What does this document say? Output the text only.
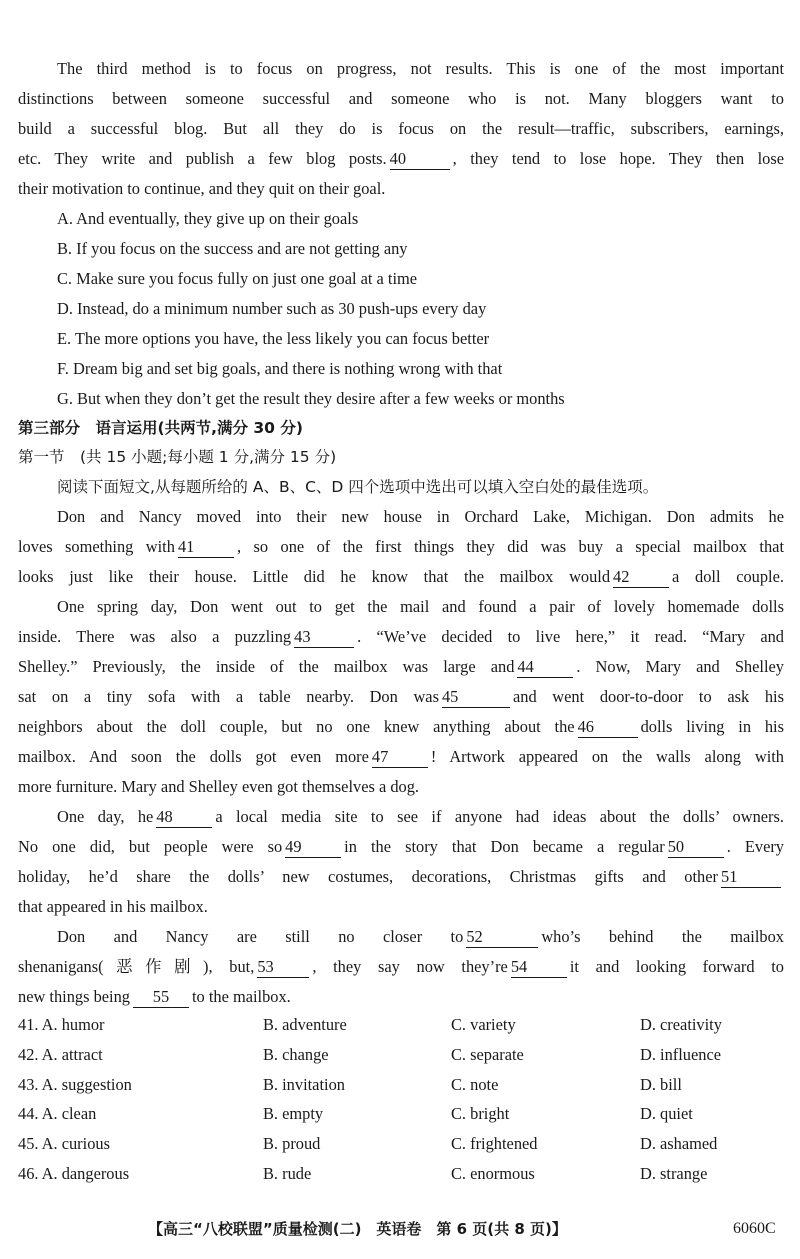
The third method is to focus on progress, not results. This is one of the most important
distinctions between someone successful and someone who is not. Many bloggers want to
build a successful blog. But all they do is focus on the result—traffic, subscribers, earnings,
etc. They write and publish a few blog posts. 40	, they tend to lose hope. They then lose
their motivation to continue, and they quit on their goal.
A. And eventually, they give up on their goals
B. If you focus on the success and are not getting any
C. Make sure you focus fully on just one goal at a time
D. Instead, do a minimum number such as 30 push-ups every day
E. The more options you have, the less likely you can focus better
F. Dream big and set big goals, and there is nothing wrong with that
G. But when they don’t get the result they desire after a few weeks or months
第三部分　语言运用(共两节,满分 30 分)
第一节　(共 15 小题;每小题 1 分,满分 15 分)
阅读下面短文,从每题所给的 A、B、C、D 四个选项中选出可以填入空白处的最佳选项。
Don and Nancy moved into their new house in Orchard Lake, Michigan. Don admits he
loves something with 41	, so one of the first things they did was buy a special mailbox that
looks just like their house. Little did he know that the mailbox would 42	a doll couple.
One spring day, Don went out to get the mail and found a pair of lovely homemade dolls
inside. There was also a puzzling 43	. “We’ve decided to live here,” it read. “Mary and
Shelley.” Previously, the inside of the mailbox was large and 44	. Now, Mary and Shelley
sat on a tiny sofa with a table nearby. Don was 45	and went door-to-door to ask his
neighbors about the doll couple, but no one knew anything about the 46	dolls living in his
mailbox. And soon the dolls got even more 47	! Artwork appeared on the walls along with
more furniture. Mary and Shelley even got themselves a dog.
One day, he 48	a local media site to see if anyone had ideas about the dolls’ owners.
No one did, but people were so 49	in the story that Don became a regular 50	. Every
holiday, he’d share the dolls’ new costumes, decorations, Christmas gifts and other 51
that appeared in his mailbox.
Don and Nancy are still no closer to 52	who’s behind the mailbox
shenanigans(恶作剧), but, 53 , they say now they’re 54	it and looking forward to
new things being 55 to the mailbox.
41. A. humor	B. adventure	C. variety	D. creativity
42. A. attract	B. change	C. separate	D. influence
43. A. suggestion	B. invitation	C. note	D. bill
44. A. clean	B. empty	C. bright	D. quiet
45. A. curious	B. proud	C. frightened	D. ashamed
46. A. dangerous	B. rude	C. enormous	D. strange
【高三“八校联盟”质量检测(二)　英语卷　第 6 页(共 8 页)】	6060C
